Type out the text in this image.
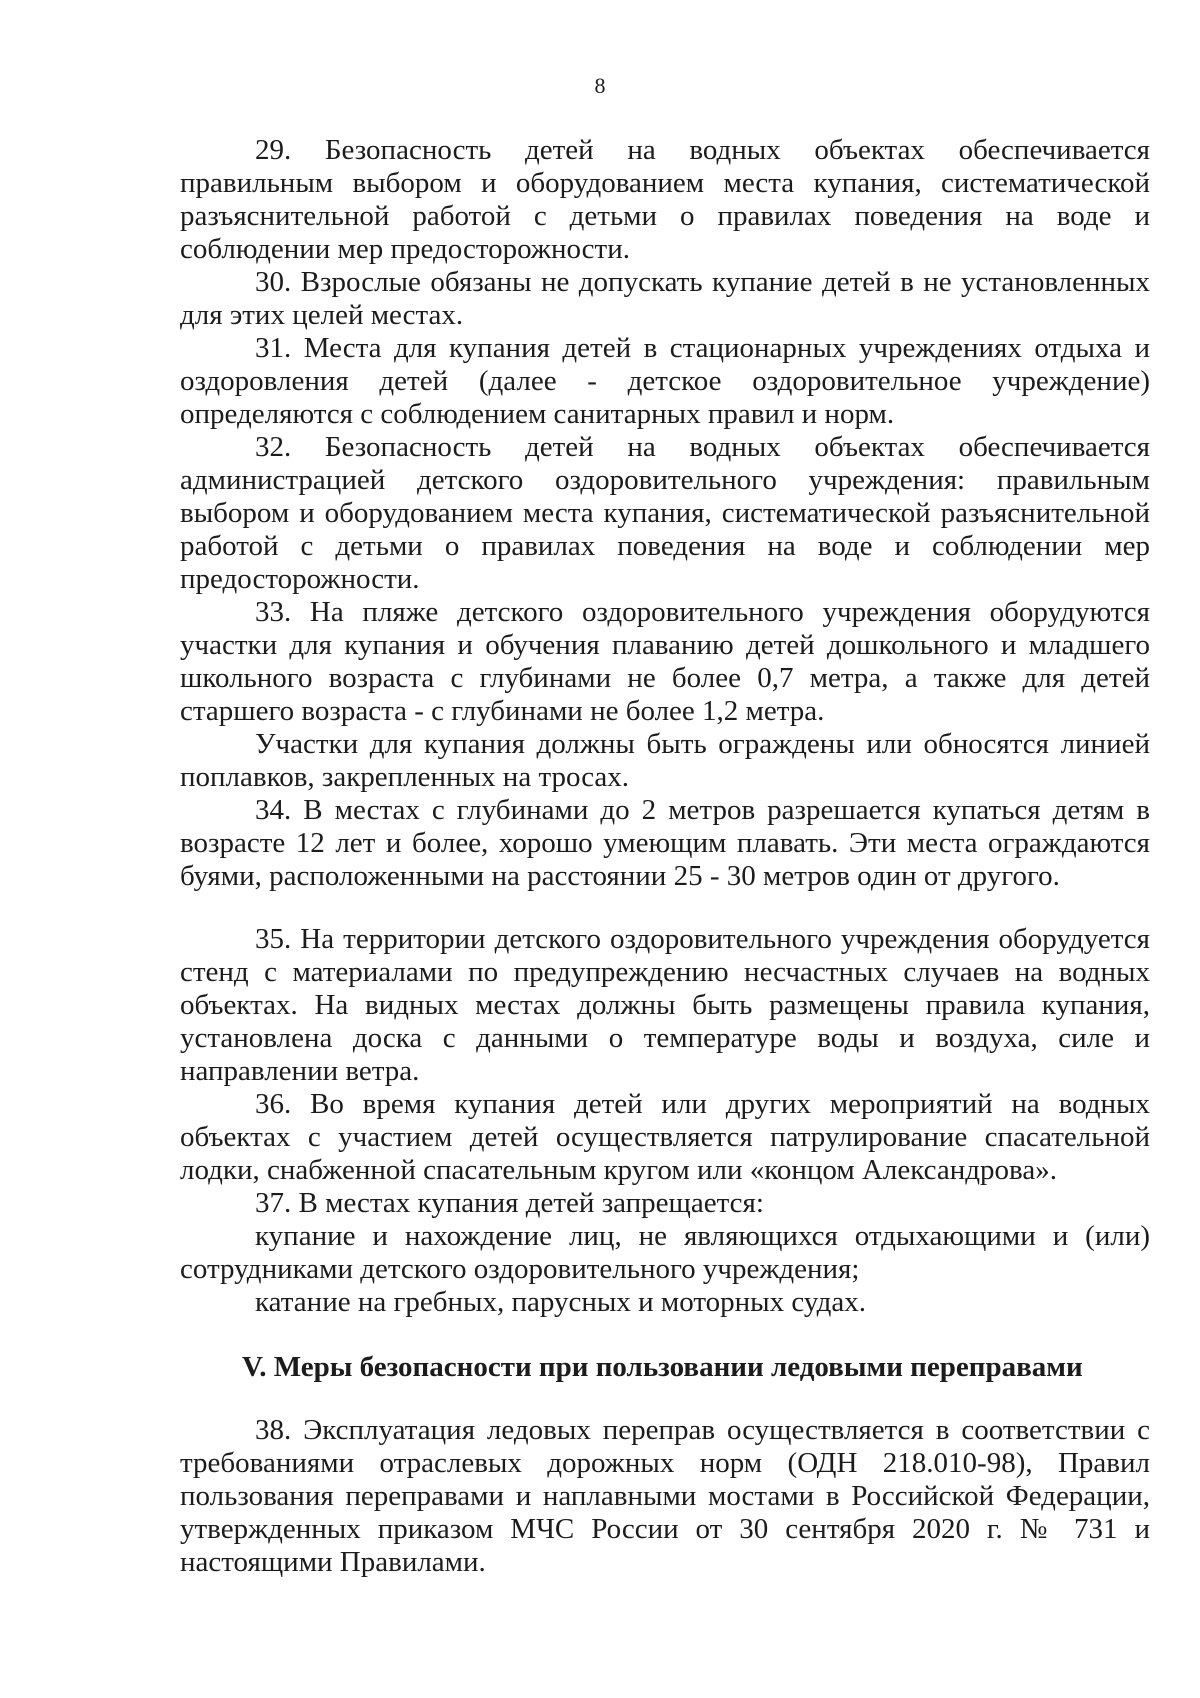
8

29. Безопасность детей на водных объектах обеспечивается правильным выбором и оборудованием места купания, систематической разъяснительной работой с детьми о правилах поведения на воде и соблюдении мер предосторожности.

30. Взрослые обязаны не допускать купание детей в не установленных для этих целей местах.

31. Места для купания детей в стационарных учреждениях отдыха и оздоровления детей (далее - детское оздоровительное учреждение) определяются с соблюдением санитарных правил и норм.

32. Безопасность детей на водных объектах обеспечивается администрацией детского оздоровительного учреждения: правильным выбором и оборудованием места купания, систематической разъяснительной работой с детьми о правилах поведения на воде и соблюдении мер предосторожности.

33. На пляже детского оздоровительного учреждения оборудуются участки для купания и обучения плаванию детей дошкольного и младшего школьного возраста с глубинами не более 0,7 метра, а также для детей старшего возраста - с глубинами не более 1,2 метра.

Участки для купания должны быть ограждены или обносятся линией поплавков, закрепленных на тросах.

34. В местах с глубинами до 2 метров разрешается купаться детям в возрасте 12 лет и более, хорошо умеющим плавать. Эти места ограждаются буями, расположенными на расстоянии 25 - 30 метров один от другого.

35. На территории детского оздоровительного учреждения оборудуется стенд с материалами по предупреждению несчастных случаев на водных объектах. На видных местах должны быть размещены правила купания, установлена доска с данными о температуре воды и воздуха, силе и направлении ветра.

36. Во время купания детей или других мероприятий на водных объектах с участием детей осуществляется патрулирование спасательной лодки, снабженной спасательным кругом или «концом Александрова».

37. В местах купания детей запрещается:

купание и нахождение лиц, не являющихся отдыхающими и (или) сотрудниками детского оздоровительного учреждения;

катание на гребных, парусных и моторных судах.

V. Меры безопасности при пользовании ледовыми переправами

38. Эксплуатация ледовых переправ осуществляется в соответствии с требованиями отраслевых дорожных норм (ОДН 218.010-98), Правил пользования переправами и наплавными мостами в Российской Федерации, утвержденных приказом МЧС России от 30 сентября 2020 г. № 731 и настоящими Правилами.
